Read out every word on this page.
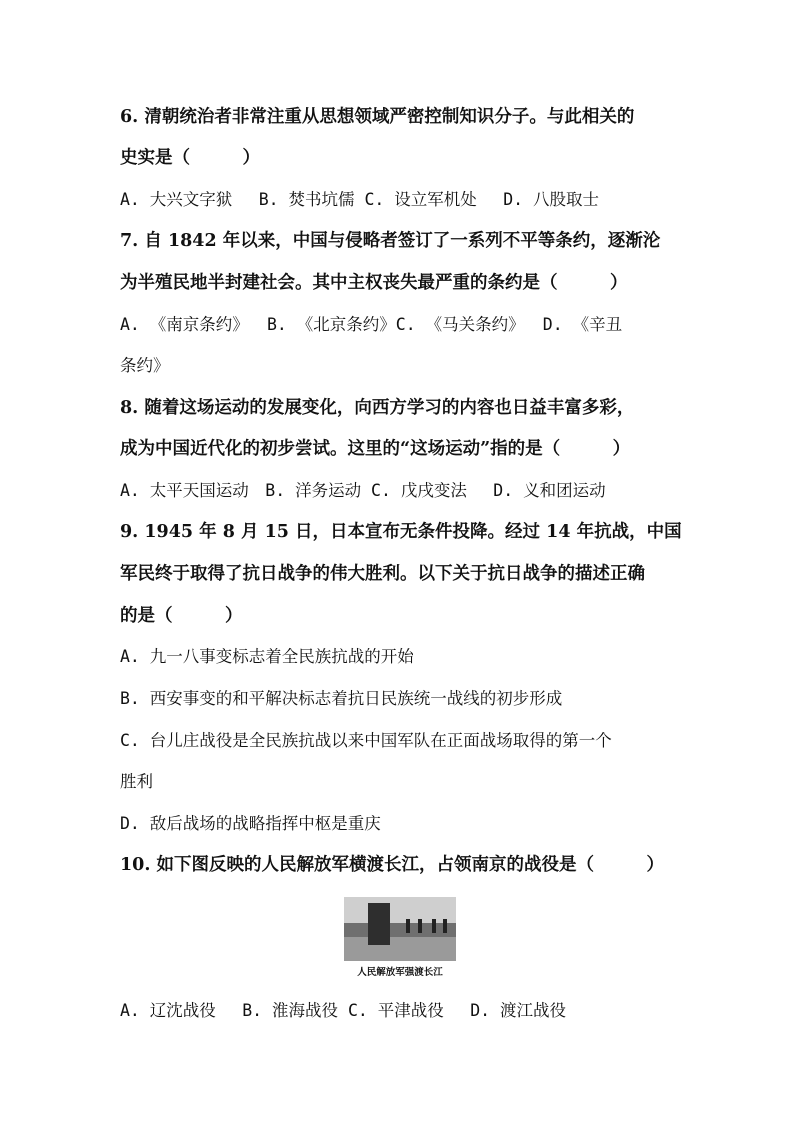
6. 清朝统治者非常注重从思想领域严密控制知识分子。与此相关的
史实是（　　　）
A. 大兴文字狱　 B. 焚书坑儒 C. 设立军机处　 D. 八股取士
7. 自 1842 年以来，中国与侵略者签订了一系列不平等条约，逐渐沦
为半殖民地半封建社会。其中主权丧失最严重的条约是（　　　）
A. 《南京条约》　 B. 《北京条约》C. 《马关条约》　 D. 《辛丑
条约》
8. 随着这场运动的发展变化，向西方学习的内容也日益丰富多彩，
成为中国近代化的初步尝试。这里的“这场运动”指的是（　　　）
A. 太平天国运动　B. 洋务运动 C. 戊戌变法　 D. 义和团运动
9. 1945 年 8 月 15 日，日本宣布无条件投降。经过 14 年抗战，中国
军民终于取得了抗日战争的伟大胜利。以下关于抗日战争的描述正确
的是（　　　）
A. 九一八事变标志着全民族抗战的开始
B. 西安事变的和平解决标志着抗日民族统一战线的初步形成
C. 台儿庄战役是全民族抗战以来中国军队在正面战场取得的第一个
胜利
D. 敌后战场的战略指挥中枢是重庆
10. 如下图反映的人民解放军横渡长江，占领南京的战役是（　　　）
人民解放军强渡长江
A. 辽沈战役　 B. 淮海战役 C. 平津战役　 D. 渡江战役
